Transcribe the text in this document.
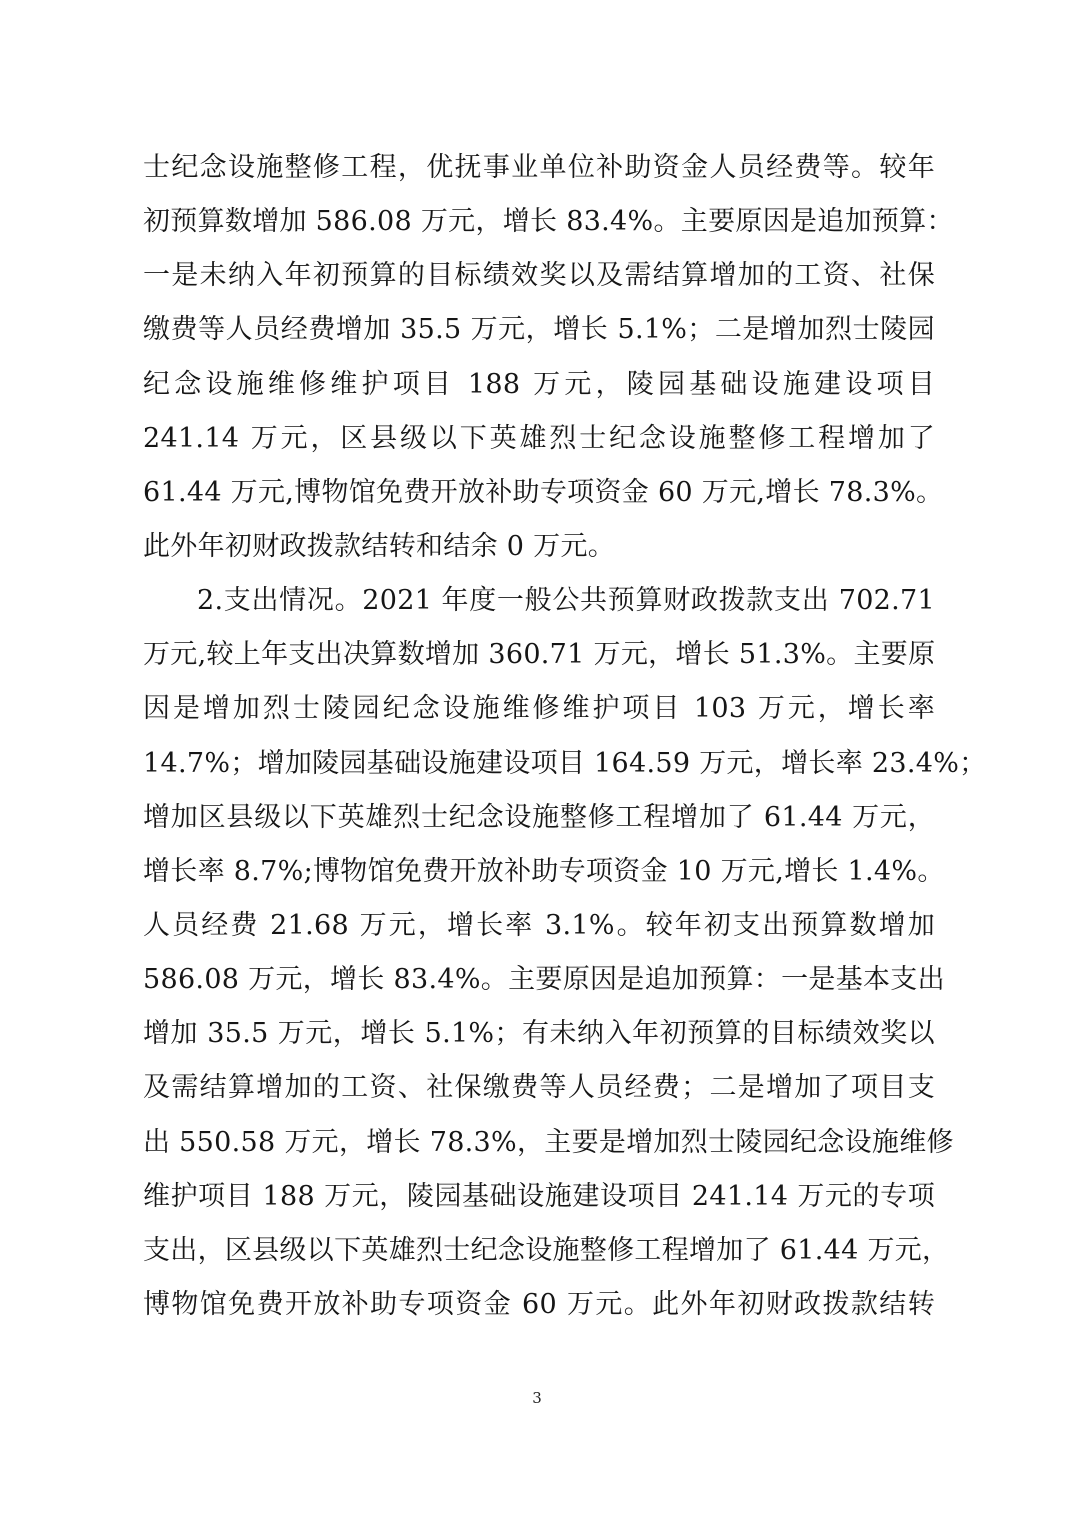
士纪念设施整修工程，优抚事业单位补助资金人员经费等。较年
初预算数增加 586.08 万元，增长 83.4%。主要原因是追加预算：
一是未纳入年初预算的目标绩效奖以及需结算增加的工资、社保
缴费等人员经费增加 35.5 万元，增长 5.1%；二是增加烈士陵园
纪念设施维修维护项目 188 万元，陵园基础设施建设项目
241.14 万元，区县级以下英雄烈士纪念设施整修工程增加了
61.44 万元,博物馆免费开放补助专项资金 60 万元,增长 78.3%。
此外年初财政拨款结转和结余 0 万元。
2.支出情况。2021 年度一般公共预算财政拨款支出 702.71
万元,较上年支出决算数增加 360.71 万元，增长 51.3%。主要原
因是增加烈士陵园纪念设施维修维护项目 103 万元，增长率
14.7%；增加陵园基础设施建设项目 164.59 万元，增长率 23.4%；
增加区县级以下英雄烈士纪念设施整修工程增加了 61.44 万元，
增长率 8.7%;博物馆免费开放补助专项资金 10 万元,增长 1.4%。
人员经费 21.68 万元，增长率 3.1%。较年初支出预算数增加
586.08 万元，增长 83.4%。主要原因是追加预算：一是基本支出
增加 35.5 万元，增长 5.1%；有未纳入年初预算的目标绩效奖以
及需结算增加的工资、社保缴费等人员经费；二是增加了项目支
出 550.58 万元，增长 78.3%，主要是增加烈士陵园纪念设施维修
维护项目 188 万元，陵园基础设施建设项目 241.14 万元的专项
支出，区县级以下英雄烈士纪念设施整修工程增加了 61.44 万元，
博物馆免费开放补助专项资金 60 万元。此外年初财政拨款结转
3
